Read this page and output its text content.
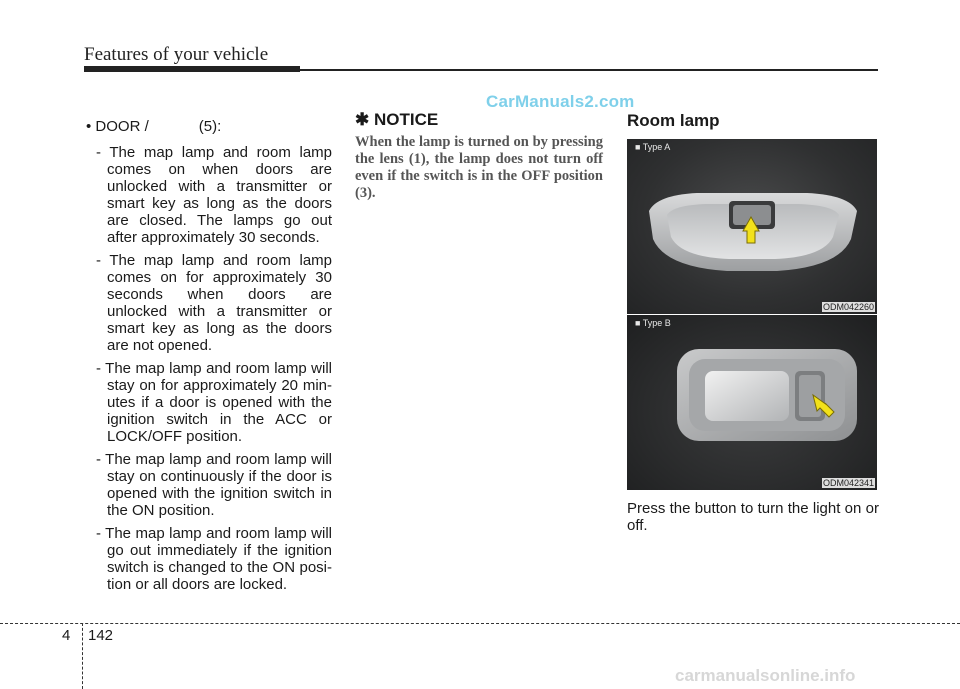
Features of your vehicle
CarManuals2.com
• DOOR /            (5):
- The map lamp and room lamp comes on when doors are unlocked with a transmitter or smart key as long as the doors are closed. The lamps go out after approximately 30 seconds.
- The map lamp and room lamp comes on for approximately 30 seconds when doors are unlocked with a transmitter or smart key as long as the doors are not opened.
- The map lamp and room lamp will stay on for approximately 20 min- utes if a door is opened with the ignition switch in the ACC or LOCK/OFF position.
- The map lamp and room lamp will stay on continuously if the door is opened with the ignition switch in the ON position.
- The map lamp and room lamp will go out immediately if the ignition switch is changed to the ON posi- tion or all doors are locked.
✱ NOTICE
When the lamp is turned on by pressing the lens (1), the lamp does not turn off even if the switch is in the OFF position (3).
Room lamp
■ Type A
ODM042260
■ Type B
ODM042341
Press the button to turn the light on or off.
4 142
carmanualsonline.info
